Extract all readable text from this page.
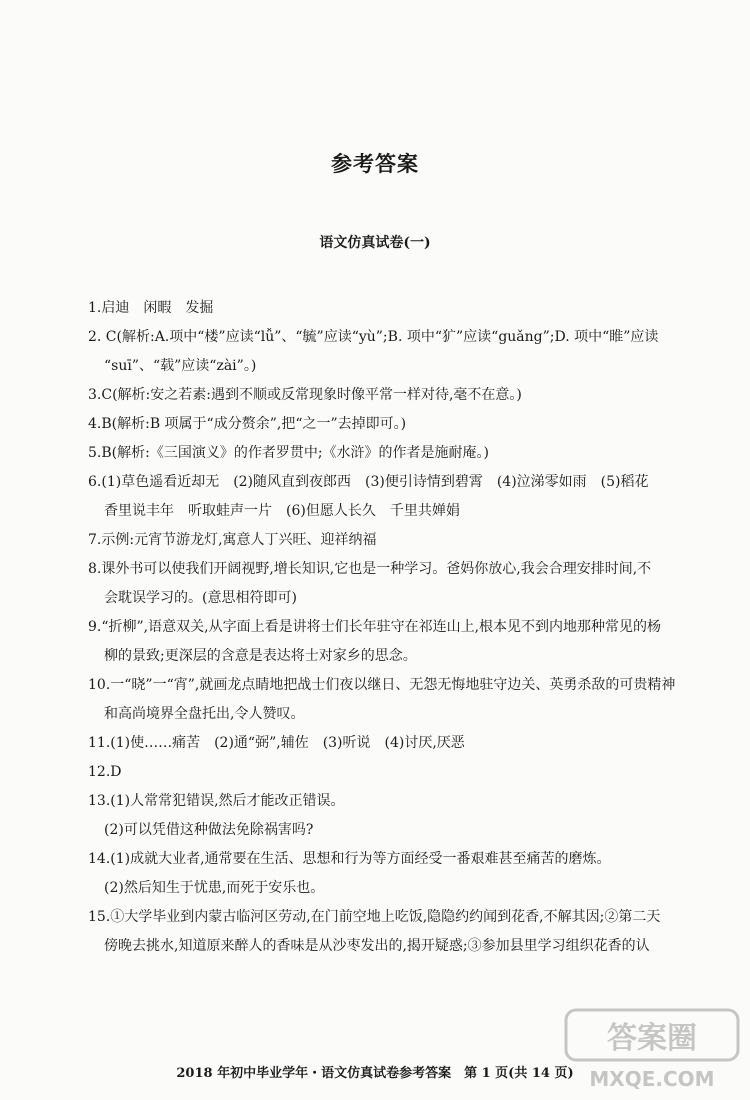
参考答案
语文仿真试卷(一)
1.启迪　闲暇　发掘
2. C(解析:A.项中“楼”应读“lǚ”、“毓”应读“yù”;B. 项中“犷”应读“guǎng”;D. 项中“睢”应读
“suī”、“载”应读“zài”。)
3.C(解析:安之若素:遇到不顺或反常现象时像平常一样对待,毫不在意。)
4.B(解析:B 项属于“成分赘余”,把“之一”去掉即可。)
5.B(解析:《三国演义》的作者罗贯中;《水浒》的作者是施耐庵。)
6.(1)草色遥看近却无　(2)随风直到夜郎西　(3)便引诗情到碧霄　(4)泣涕零如雨　(5)稻花
香里说丰年　听取蛙声一片　(6)但愿人长久　千里共婵娟
7.示例:元宵节游龙灯,寓意人丁兴旺、迎祥纳福
8.课外书可以使我们开阔视野,增长知识,它也是一种学习。爸妈你放心,我会合理安排时间,不
会耽误学习的。(意思相符即可)
9.“折柳”,语意双关,从字面上看是讲将士们长年驻守在祁连山上,根本见不到内地那种常见的杨
柳的景致;更深层的含意是表达将士对家乡的思念。
10.一“晓”一“宵”,就画龙点睛地把战士们夜以继日、无怨无悔地驻守边关、英勇杀敌的可贵精神
和高尚境界全盘托出,令人赞叹。
11.(1)使……痛苦　(2)通“弼”,辅佐　(3)听说　(4)讨厌,厌恶
12.D
13.(1)人常常犯错误,然后才能改正错误。
(2)可以凭借这种做法免除祸害吗?
14.(1)成就大业者,通常要在生活、思想和行为等方面经受一番艰难甚至痛苦的磨炼。
(2)然后知生于忧患,而死于安乐也。
15.①大学毕业到内蒙古临河区劳动,在门前空地上吃饭,隐隐约约闻到花香,不解其因;②第二天
傍晚去挑水,知道原来醉人的香味是从沙枣发出的,揭开疑惑;③参加县里学习组织花香的认
2018 年初中毕业学年・语文仿真试卷参考答案　第 1 页(共 14 页)
答案圈
MXQE.COM
